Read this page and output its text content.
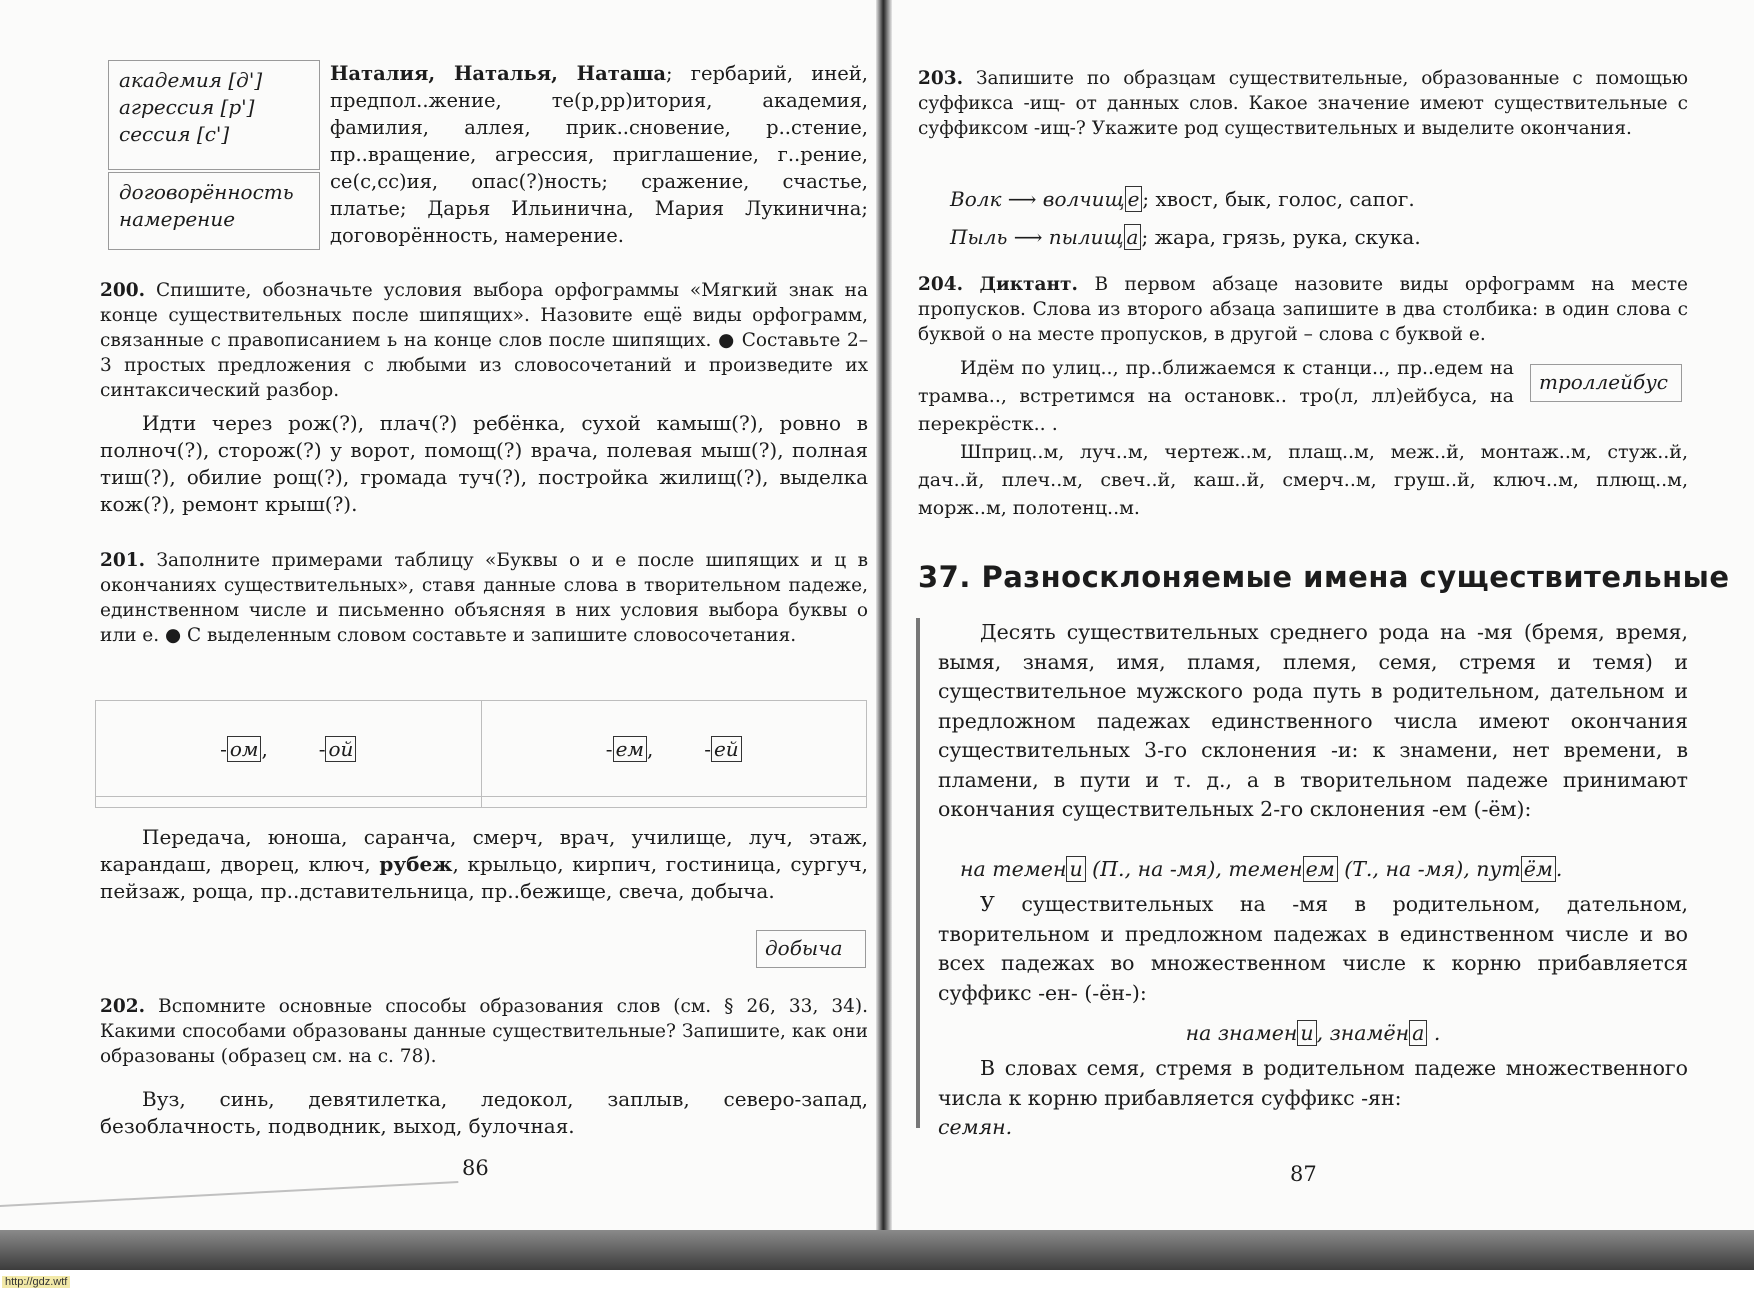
академия [д']
агрессия [р']
сессия [с']
договорённость
намерение

Наталия, Наталья, Наташа; гербарий, иней, предпол..жение, те(р,рр)итория, академия, фамилия, аллея, прик..сновение, р..стение, пр..вращение, агрессия, приглашение, г..рение, се(с,сс)ия, опас(?)ность; сражение, счастье, платье; Дарья Ильинична, Мария Лукинична; договорённость, намерение.

200. Спишите, обозначьте условия выбора орфограммы «Мягкий знак на конце существительных после шипящих». Назовите ещё виды орфограмм, связанные с правописанием ь на конце слов после шипящих. ● Составьте 2–3 простых предложения с любыми из словосочетаний и произведите их синтаксический разбор.

Идти через рож(?), плач(?) ребёнка, сухой камыш(?), ровно в полноч(?), сторож(?) у ворот, помощ(?) врача, полевая мыш(?), полная тиш(?), обилие рощ(?), громада туч(?), постройка жилищ(?), выделка кож(?), ремонт крыш(?).

201. Заполните примерами таблицу «Буквы о и е после шипящих и ц в окончаниях существительных», ставя данные слова в творительном падеже, единственном числе и письменно объясняя в них условия выбора буквы о или е. ● С выделенным словом составьте и запишите словосочетания.

- ом , - ой	- ем , - ей

Передача, юноша, саранча, смерч, врач, училище, луч, этаж, карандаш, дворец, ключ, рубеж, крыльцо, кирпич, гостиница, сургуч, пейзаж, роща, пр..дставительница, пр..бежище, свеча, добыча.

добыча

202. Вспомните основные способы образования слов (см. § 26, 33, 34). Какими способами образованы данные существительные? Запишите, как они образованы (образец см. на с. 78).

Вуз, синь, девятилетка, ледокол, заплыв, северо-запад, безоблачность, подводник, выход, булочная.

86

203. Запишите по образцам существительные, образованные с помощью суффикса -ищ- от данных слов. Какое значение имеют существительные с суффиксом -ищ-? Укажите род существительных и выделите окончания.

Волк ⟶ волчищ е ; хвост, бык, голос, сапог.

Пыль ⟶ пылищ а ; жара, грязь, рука, скука.

204. Диктант. В первом абзаце назовите виды орфограмм на месте пропусков. Слова из второго абзаца запишите в два столбика: в один слова с буквой о на месте пропусков, в другой – слова с буквой е.

Идём по улиц.., пр..ближаемся к станци.., пр..едем на трамва.., встретимся на остановк.. тро(л, лл)ейбуса, на перекрёстк.. .

троллейбус

Шприц..м, луч..м, чертеж..м, плащ..м, меж..й, монтаж..м, стуж..й, дач..й, плеч..м, свеч..й, каш..й, смерч..м, груш..й, ключ..м, плющ..м, морж..м, полотенц..м.

37. Разносклоняемые имена существительные

Десять существительных среднего рода на -мя (бремя, время, вымя, знамя, имя, пламя, племя, семя, стремя и темя) и существительное мужского рода путь в родительном, дательном и предложном падежах единственного числа имеют окончания существительных 3-го склонения -и: к знамени, нет времени, в пламени, в пути и т. д., а в творительном падеже принимают окончания существительных 2-го склонения -ем (-ём):

на темен и (П., на -мя), темен ем (Т., на -мя), пут ём .

У существительных на -мя в родительном, дательном, творительном и предложном падежах в единственном числе и во всех падежах во множественном числе к корню прибавляется суффикс -ен- (-ён-):

на знамен и , знамён а .

В словах семя, стремя в родительном падеже множественного числа к корню прибавляется суффикс -ян:
семян.

87
http://gdz.wtf
